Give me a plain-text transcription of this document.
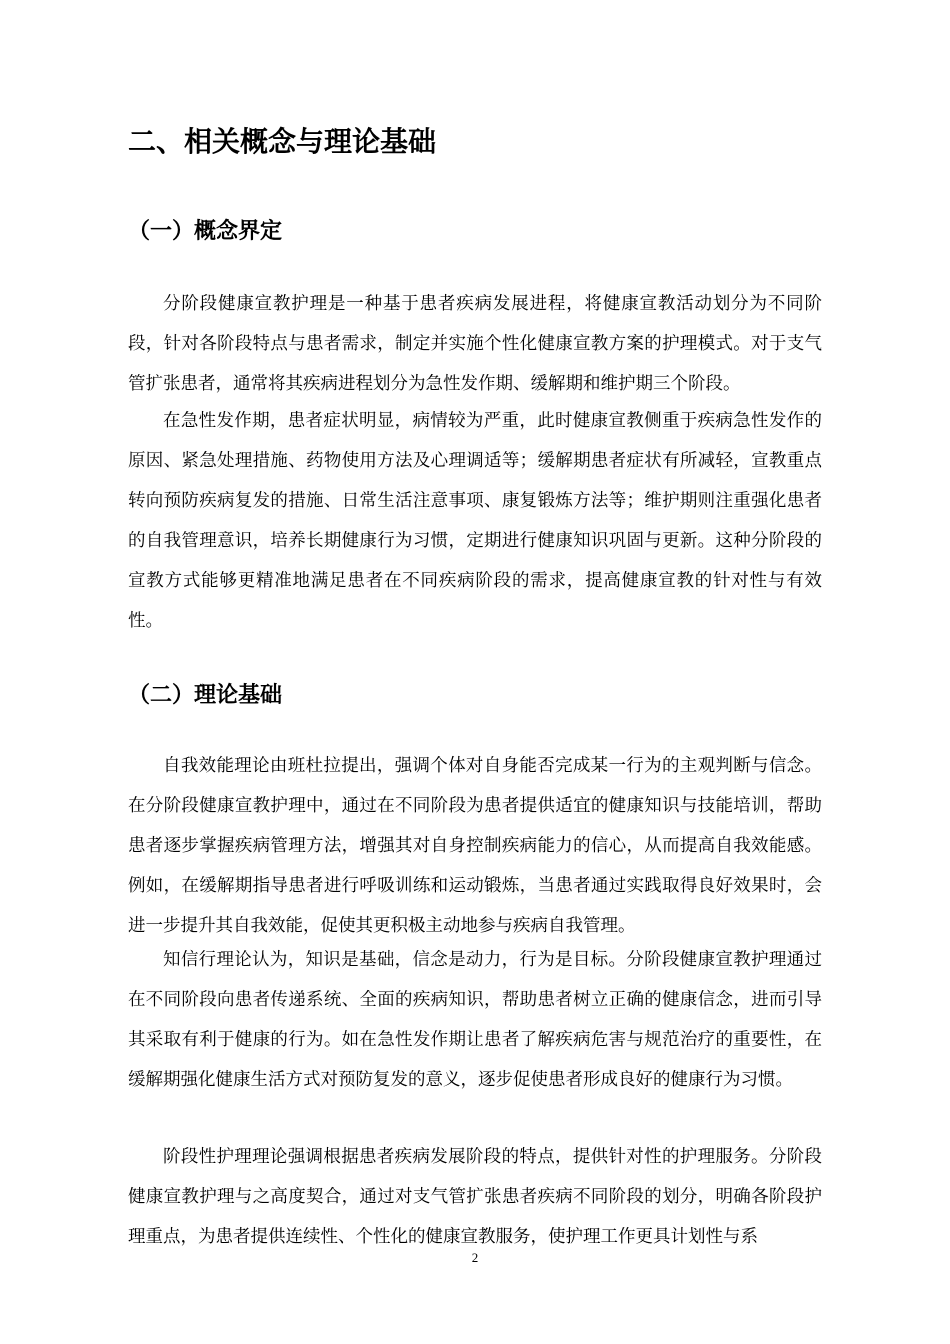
二、相关概念与理论基础
（一）概念界定
分阶段健康宣教护理是一种基于患者疾病发展进程，将健康宣教活动划分为不同阶段，针对各阶段特点与患者需求，制定并实施个性化健康宣教方案的护理模式。对于支气管扩张患者，通常将其疾病进程划分为急性发作期、缓解期和维护期三个阶段。
在急性发作期，患者症状明显，病情较为严重，此时健康宣教侧重于疾病急性发作的原因、紧急处理措施、药物使用方法及心理调适等；缓解期患者症状有所减轻，宣教重点转向预防疾病复发的措施、日常生活注意事项、康复锻炼方法等；维护期则注重强化患者的自我管理意识，培养长期健康行为习惯，定期进行健康知识巩固与更新。这种分阶段的宣教方式能够更精准地满足患者在不同疾病阶段的需求，提高健康宣教的针对性与有效性。
（二）理论基础
自我效能理论由班杜拉提出，强调个体对自身能否完成某一行为的主观判断与信念。在分阶段健康宣教护理中，通过在不同阶段为患者提供适宜的健康知识与技能培训，帮助患者逐步掌握疾病管理方法，增强其对自身控制疾病能力的信心，从而提高自我效能感。例如，在缓解期指导患者进行呼吸训练和运动锻炼，当患者通过实践取得良好效果时，会进一步提升其自我效能，促使其更积极主动地参与疾病自我管理。
知信行理论认为，知识是基础，信念是动力，行为是目标。分阶段健康宣教护理通过在不同阶段向患者传递系统、全面的疾病知识，帮助患者树立正确的健康信念，进而引导其采取有利于健康的行为。如在急性发作期让患者了解疾病危害与规范治疗的重要性，在缓解期强化健康生活方式对预防复发的意义，逐步促使患者形成良好的健康行为习惯。
阶段性护理理论强调根据患者疾病发展阶段的特点，提供针对性的护理服务。分阶段健康宣教护理与之高度契合，通过对支气管扩张患者疾病不同阶段的划分，明确各阶段护理重点，为患者提供连续性、个性化的健康宣教服务，使护理工作更具计划性与系
2
